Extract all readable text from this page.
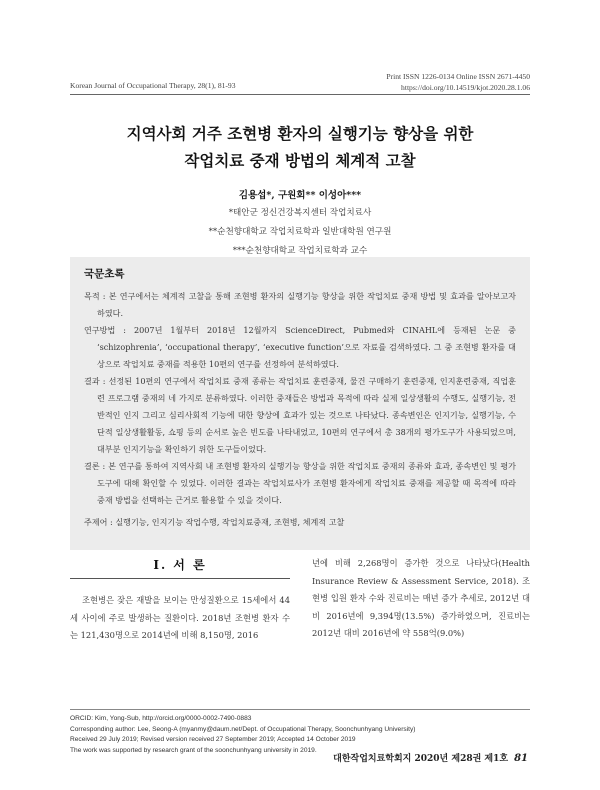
Korean Journal of Occupational Therapy, 28(1), 81-93
Print ISSN 1226-0134 Online ISSN 2671-4450
https://doi.org/10.14519/kjot.2020.28.1.06
지역사회 거주 조현병 환자의 실행기능 향상을 위한
작업치료 중재 방법의 체계적 고찰
김용섭*, 구원회** 이성아***
*태안군 정신건강복지센터 작업치료사
**순천향대학교 작업치료학과 일반대학원 연구원
***순천향대학교 작업치료학과 교수
국문초록

목적 : 본 연구에서는 체계적 고찰을 통해 조현병 환자의 실행기능 향상을 위한 작업치료 중재 방법 및 효과를 알아보고자 하였다.

연구방법 : 2007년 1월부터 2018년 12월까지 ScienceDirect, Pubmed와 CINAHL에 등재된 논문 중 ‘schizophrenia’, ‘occupational therapy’, ‘executive function’으로 자료를 검색하였다. 그 중 조현병 환자를 대상으로 작업치료 중재를 적용한 10편의 연구를 선정하여 분석하였다.

결과 : 선정된 10편의 연구에서 작업치료 중재 종류는 작업치료 훈련중재, 물건 구매하기 훈련중재, 인지훈련중재, 직업훈련 프로그램 중재의 네 가지로 분류하였다. 이러한 중재들은 방법과 목적에 따라 실제 일상생활의 수행도, 실행기능, 전반적인 인지 그리고 심리사회적 기능에 대한 향상에 효과가 있는 것으로 나타났다. 종속변인은 인지기능, 실행기능, 수단적 일상생활활동, 쇼핑 등의 순서로 높은 빈도를 나타내었고, 10편의 연구에서 총 38개의 평가도구가 사용되었으며, 대부분 인지기능을 확인하기 위한 도구들이었다.

결론 : 본 연구를 통하여 지역사회 내 조현병 환자의 실행기능 향상을 위한 작업치료 중재의 종류와 효과, 종속변인 및 평가 도구에 대해 확인할 수 있었다. 이러한 결과는 작업치료사가 조현병 환자에게 작업치료 중재를 제공할 때 목적에 따라 중재 방법을 선택하는 근거로 활용할 수 있을 것이다.

주제어 : 실행기능, 인지기능 작업수행, 작업치료중재, 조현병, 체계적 고찰
Ⅰ. 서 론

조현병은 잦은 재발을 보이는 만성질환으로 15세에서 44세 사이에 주로 발생하는 질환이다. 2018년 조현병 환자 수는 121,430명으로 2014년에 비해 8,150명, 2016

년에 비해 2,268명이 증가한 것으로 나타났다(Health Insurance Review & Assessment Service, 2018). 조현병 입원 환자 수와 진료비는 매년 증가 추세로, 2012년 대비 2016년에 9,394명(13.5%) 증가하였으며, 진료비는 2012년 대비 2016년에 약 558억(9.0%)

ORCID: Kim, Yong-Sub, http://orcid.org/0000-0002-7490-0883
Corresponding author: Lee, Seong-A (myanmy@daum.net/Dept. of Occupational Therapy, Soonchunhyang University)
Received 29 July 2019; Revised version received 27 September 2019; Accepted 14 October 2019
The work was supported by research grant of the soonchunhyang university in 2019.
대한작업치료학회지 2020년 제28권 제1호 81
